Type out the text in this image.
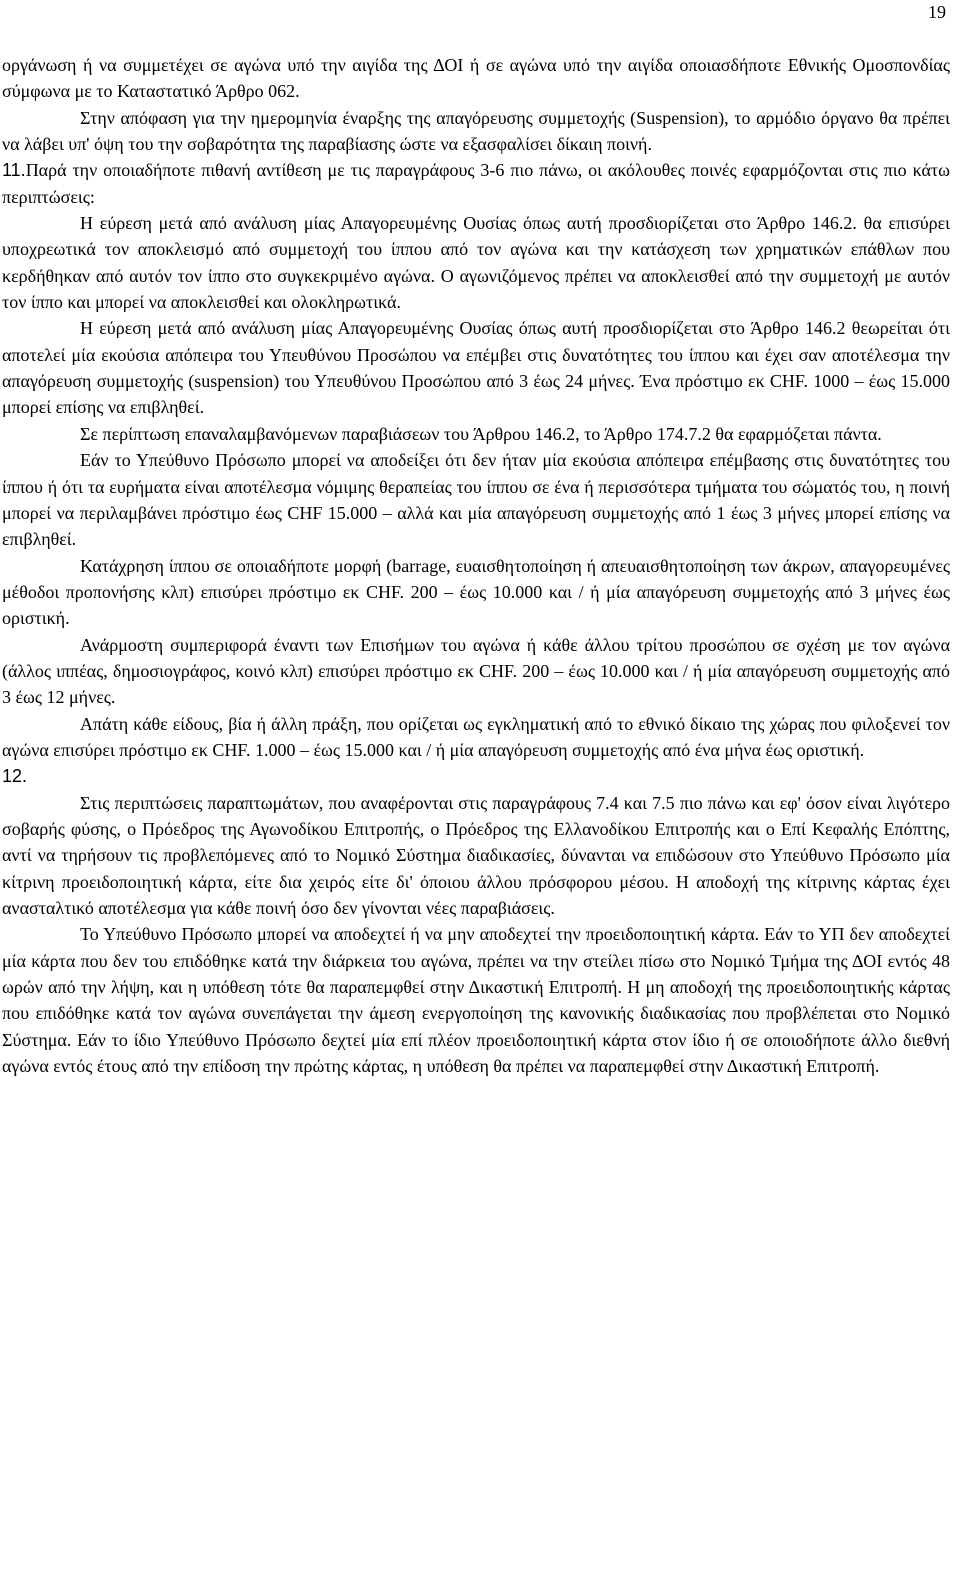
19

οργάνωση ή να συμμετέχει σε αγώνα υπό την αιγίδα της ΔΟΙ ή σε αγώνα υπό την αιγίδα οποιασδήποτε Εθνικής Ομοσπονδίας σύμφωνα με το Καταστατικό Άρθρο 062.

Στην απόφαση για την ημερομηνία έναρξης της απαγόρευσης συμμετοχής (Suspension), το αρμόδιο όργανο θα πρέπει να λάβει υπ' όψη του την σοβαρότητα της παραβίασης ώστε να εξασφαλίσει δίκαιη ποινή.

11.Παρά την οποιαδήποτε πιθανή αντίθεση με τις παραγράφους 3-6 πιο πάνω, οι ακόλουθες ποινές εφαρμόζονται στις πιο κάτω περιπτώσεις:

Η εύρεση μετά από ανάλυση μίας Απαγορευμένης Ουσίας όπως αυτή προσδιορίζεται στο Άρθρο 146.2. θα επισύρει υποχρεωτικά τον αποκλεισμό από συμμετοχή του ίππου από τον αγώνα και την κατάσχεση των χρηματικών επάθλων που κερδήθηκαν από αυτόν τον ίππο στο συγκεκριμένο αγώνα. Ο αγωνιζόμενος πρέπει να αποκλεισθεί από την συμμετοχή με αυτόν τον ίππο και μπορεί να αποκλεισθεί και ολοκληρωτικά.

Η εύρεση μετά από ανάλυση μίας Απαγορευμένης Ουσίας όπως αυτή προσδιορίζεται στο Άρθρο 146.2 θεωρείται ότι αποτελεί μία εκούσια απόπειρα του Υπευθύνου Προσώπου να επέμβει στις δυνατότητες του ίππου και έχει σαν αποτέλεσμα την απαγόρευση συμμετοχής (suspension) του Υπευθύνου Προσώπου από 3 έως 24 μήνες. Ένα πρόστιμο εκ CHF. 1000 – έως 15.000 μπορεί επίσης να επιβληθεί.

Σε περίπτωση επαναλαμβανόμενων παραβιάσεων του Άρθρου 146.2, το Άρθρο 174.7.2 θα εφαρμόζεται πάντα.

Εάν το Υπεύθυνο Πρόσωπο μπορεί να αποδείξει ότι δεν ήταν μία εκούσια απόπειρα επέμβασης στις δυνατότητες του ίππου ή ότι τα ευρήματα είναι αποτέλεσμα νόμιμης θεραπείας του ίππου σε ένα ή περισσότερα τμήματα του σώματός του, η ποινή μπορεί να περιλαμβάνει πρόστιμο έως CHF 15.000 – αλλά και μία απαγόρευση συμμετοχής από 1 έως 3 μήνες μπορεί επίσης να επιβληθεί.

Κατάχρηση ίππου σε οποιαδήποτε μορφή (barrage, ευαισθητοποίηση ή απευαισθητοποίηση των άκρων, απαγορευμένες μέθοδοι προπονήσης κλπ) επισύρει πρόστιμο εκ CHF. 200 – έως 10.000 και / ή μία απαγόρευση συμμετοχής από 3 μήνες έως οριστική.

Ανάρμοστη συμπεριφορά έναντι των Επισήμων του αγώνα ή κάθε άλλου τρίτου προσώπου σε σχέση με τον αγώνα (άλλος ιππέας, δημοσιογράφος, κοινό κλπ) επισύρει πρόστιμο εκ CHF. 200 – έως 10.000 και / ή μία απαγόρευση συμμετοχής από 3 έως 12 μήνες.

Απάτη κάθε είδους, βία ή άλλη πράξη, που ορίζεται ως εγκληματική από το εθνικό δίκαιο της χώρας που φιλοξενεί τον αγώνα επισύρει πρόστιμο εκ CHF. 1.000 – έως 15.000 και / ή μία απαγόρευση συμμετοχής από ένα μήνα έως οριστική.

12.

Στις περιπτώσεις παραπτωμάτων, που αναφέρονται στις παραγράφους 7.4 και 7.5 πιο πάνω και εφ' όσον είναι λιγότερο σοβαρής φύσης, ο Πρόεδρος της Αγωνοδίκου Επιτροπής, ο Πρόεδρος της Ελλανοδίκου Επιτροπής και ο Επί Κεφαλής Επόπτης, αντί να τηρήσουν τις προβλεπόμενες από το Νομικό Σύστημα διαδικασίες, δύνανται να επιδώσουν στο Υπεύθυνο Πρόσωπο μία κίτρινη προειδοποιητική κάρτα, είτε δια χειρός είτε δι' όποιου άλλου πρόσφορου μέσου. Η αποδοχή της κίτρινης κάρτας έχει ανασταλτικό αποτέλεσμα για κάθε ποινή όσο δεν γίνονται νέες παραβιάσεις.

Το Υπεύθυνο Πρόσωπο μπορεί να αποδεχτεί ή να μην αποδεχτεί την προειδοποιητική κάρτα. Εάν το ΥΠ δεν αποδεχτεί μία κάρτα που δεν του επιδόθηκε κατά την διάρκεια του αγώνα, πρέπει να την στείλει πίσω στο Νομικό Τμήμα της ΔΟΙ εντός 48 ωρών από την λήψη, και η υπόθεση τότε θα παραπεμφθεί στην Δικαστική Επιτροπή. Η μη αποδοχή της προειδοποιητικής κάρτας που επιδόθηκε κατά τον αγώνα συνεπάγεται την άμεση ενεργοποίηση της κανονικής διαδικασίας που προβλέπεται στο Νομικό Σύστημα. Εάν το ίδιο Υπεύθυνο Πρόσωπο δεχτεί μία επί πλέον προειδοποιητική κάρτα στον ίδιο ή σε οποιοδήποτε άλλο διεθνή αγώνα εντός έτους από την επίδοση την πρώτης κάρτας, η υπόθεση θα πρέπει να παραπεμφθεί στην Δικαστική Επιτροπή.
